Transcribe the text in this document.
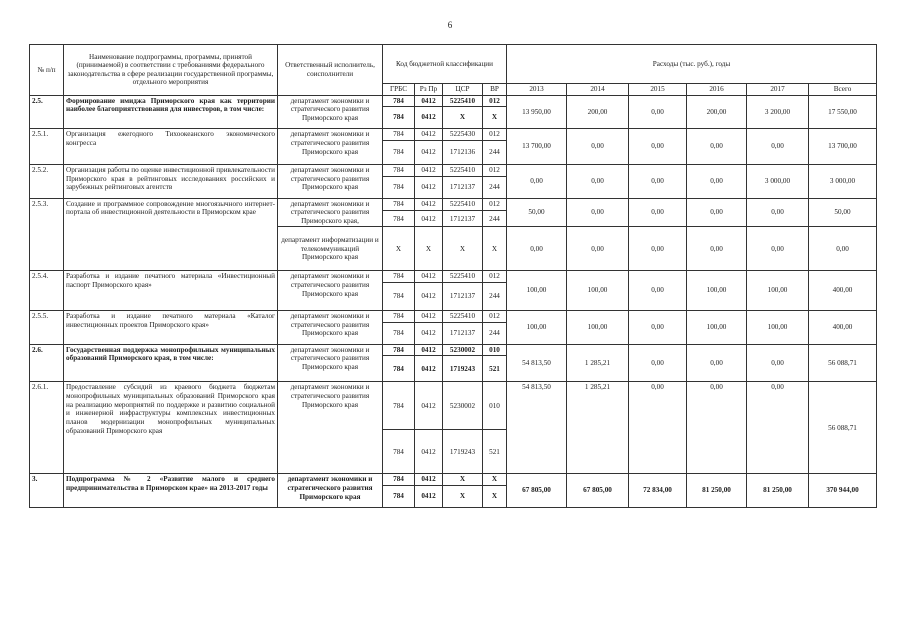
6
№ п/п	Наименование подпрограммы, программы, принятой (принимаемой) в соответствии с требованиями федерального законодательства в сфере реализации государственной программы, отдельного мероприятия	Ответственный исполнитель, соисполнители	Код бюджетной классификации				Расходы (тыс. руб.), годы					
			ГРБС	Рз Пр	ЦСР	ВР	2013	2014	2015	2016	2017	Всего
2.5.	Формирование имиджа Приморского края как территории наиболее благоприятствования для инвесторов, в том числе:	департамент экономики и стратегического развития Приморского края	784	0412	5225410	012	13 950,00	200,00	0,00	200,00	3 200,00	17 550,00
			784	0412	X	X						
2.5.1.	Организация ежегодного Тихоокеанского экономического конгресса	департамент экономики и стратегического развития Приморского края	784	0412	5225430	012	13 700,00	0,00	0,00	0,00	0,00	13 700,00
			784	0412	1712136	244						
2.5.2.	Организация работы по оценке инвестиционной привлекательности Приморского края в рейтинговых исследованиях российских и зарубежных рейтинговых агентств	департамент экономики и стратегического развития Приморского края	784	0412	5225410	012	0,00	0,00	0,00	0,00	3 000,00	3 000,00
			784	0412	1712137	244						
2.5.3.	Создание и программное сопровождение многоязычного интернет-портала об инвестиционной деятельности в Приморском крае	департамент экономики и стратегического развития Приморского края,	784	0412	5225410	012	50,00	0,00	0,00	0,00	0,00	50,00
			784	0412	1712137	244						
		департамент информатизации и телекоммуникаций Приморского края	X	X	X	X	0,00	0,00	0,00	0,00	0,00	0,00
2.5.4.	Разработка и издание печатного материала «Инвестиционный паспорт Приморского края»	департамент экономики и стратегического развития Приморского края	784	0412	5225410	012	100,00	100,00	0,00	100,00	100,00	400,00
			784	0412	1712137	244						
2.5.5.	Разработка и издание печатного материала «Каталог инвестиционных проектов Приморского края»	департамент экономики и стратегического развития Приморского края	784	0412	5225410	012	100,00	100,00	0,00	100,00	100,00	400,00
			784	0412	1712137	244						
2.6.	Государственная поддержка монопрофильных муниципальных образований Приморского края, в том числе:	департамент экономики и стратегического развития Приморского края	784	0412	5230002	010	54 813,50	1 285,21	0,00	0,00	0,00	56 088,71
			784	0412	1719243	521						
2.6.1.	Предоставление субсидий из краевого бюджета бюджетам монопрофильных муниципальных образований Приморского края на реализацию мероприятий по поддержке и развитию социальной и инженерной инфраструктуры комплексных инвестиционных планов модернизации монопрофильных муниципальных образований Приморского края	департамент экономики и стратегического развития Приморского края	784	0412	5230002	010	54 813,50	1 285,21	0,00	0,00	0,00	56 088,71
			784	0412	1719243	521						
3.	Подпрограмма № 2 «Развитие малого и среднего предпринимательства в Приморском крае» на 2013-2017 годы	департамент экономики и стратегического развития Приморского края	784	0412	X	X	67 805,00	67 805,00	72 834,00	81 250,00	81 250,00	370 944,00
			784	0412	X	X						
